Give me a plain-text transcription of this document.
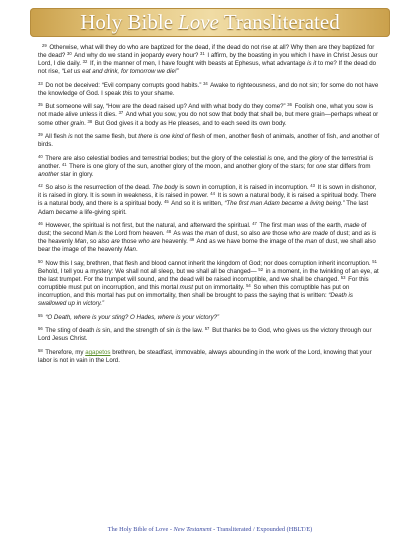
Holy Bible Love Transliterated

$^{29}$ Otherwise, what will they do who are baptized for the dead, if the dead do not rise at all? Why then are they baptized for the dead? $^{30}$ And why do we stand in jeopardy every hour? $^{31}$ I affirm, by the boasting in you which I have in Christ Jesus our Lord, I die daily. $^{32}$ If, in the manner of men, I have fought with beasts at Ephesus, what advantage is it to me? If the dead do not rise, “Let us eat and drink, for tomorrow we die!”

$^{33}$ Do not be deceived: “Evil company corrupts good habits.” $^{34}$ Awake to righteousness, and do not sin; for some do not have the knowledge of God. I speak this to your shame.

$^{35}$ But someone will say, “How are the dead raised up? And with what body do they come?” $^{36}$ Foolish one, what you sow is not made alive unless it dies. $^{37}$ And what you sow, you do not sow that body that shall be, but mere grain—perhaps wheat or some other grain. $^{38}$ But God gives it a body as He pleases, and to each seed its own body.

$^{39}$ All flesh is not the same flesh, but there is one kind of flesh of men, another flesh of animals, another of fish, and another of birds.

$^{40}$ There are also celestial bodies and terrestrial bodies; but the glory of the celestial is one, and the glory of the terrestrial is another. $^{41}$ There is one glory of the sun, another glory of the moon, and another glory of the stars; for one star differs from another star in glory.

$^{42}$ So also is the resurrection of the dead. The body is sown in corruption, it is raised in incorruption. $^{43}$ It is sown in dishonor, it is raised in glory. It is sown in weakness, it is raised in power. $^{44}$ It is sown a natural body, it is raised a spiritual body. There is a natural body, and there is a spiritual body. $^{45}$ And so it is written, “The first man Adam became a living being.” The last Adam became a life-giving spirit.

$^{46}$ However, the spiritual is not first, but the natural, and afterward the spiritual. $^{47}$ The first man was of the earth, made of dust; the second Man is the Lord from heaven. $^{48}$ As was the man of dust, so also are those who are made of dust; and as is the heavenly Man, so also are those who are heavenly. $^{49}$ And as we have borne the image of the man of dust, we shall also bear the image of the heavenly Man.

$^{50}$ Now this I say, brethren, that flesh and blood cannot inherit the kingdom of God; nor does corruption inherit incorruption. $^{51}$ Behold, I tell you a mystery: We shall not all sleep, but we shall all be changed— $^{52}$ in a moment, in the twinkling of an eye, at the last trumpet. For the trumpet will sound, and the dead will be raised incorruptible, and we shall be changed. $^{53}$ For this corruptible must put on incorruption, and this mortal must put on immortality. $^{54}$ So when this corruptible has put on incorruption, and this mortal has put on immortality, then shall be brought to pass the saying that is written: “Death is swallowed up in victory.”

$^{55}$ “O Death, where is your sting? O Hades, where is your victory?”

$^{56}$ The sting of death is sin, and the strength of sin is the law. $^{57}$ But thanks be to God, who gives us the victory through our Lord Jesus Christ.

$^{58}$ Therefore, my agapetos brethren, be steadfast, immovable, always abounding in the work of the Lord, knowing that your labor is not in vain in the Lord.

The Holy Bible of Love - New Testament - Transliterated / Expounded (HBLT/E)
